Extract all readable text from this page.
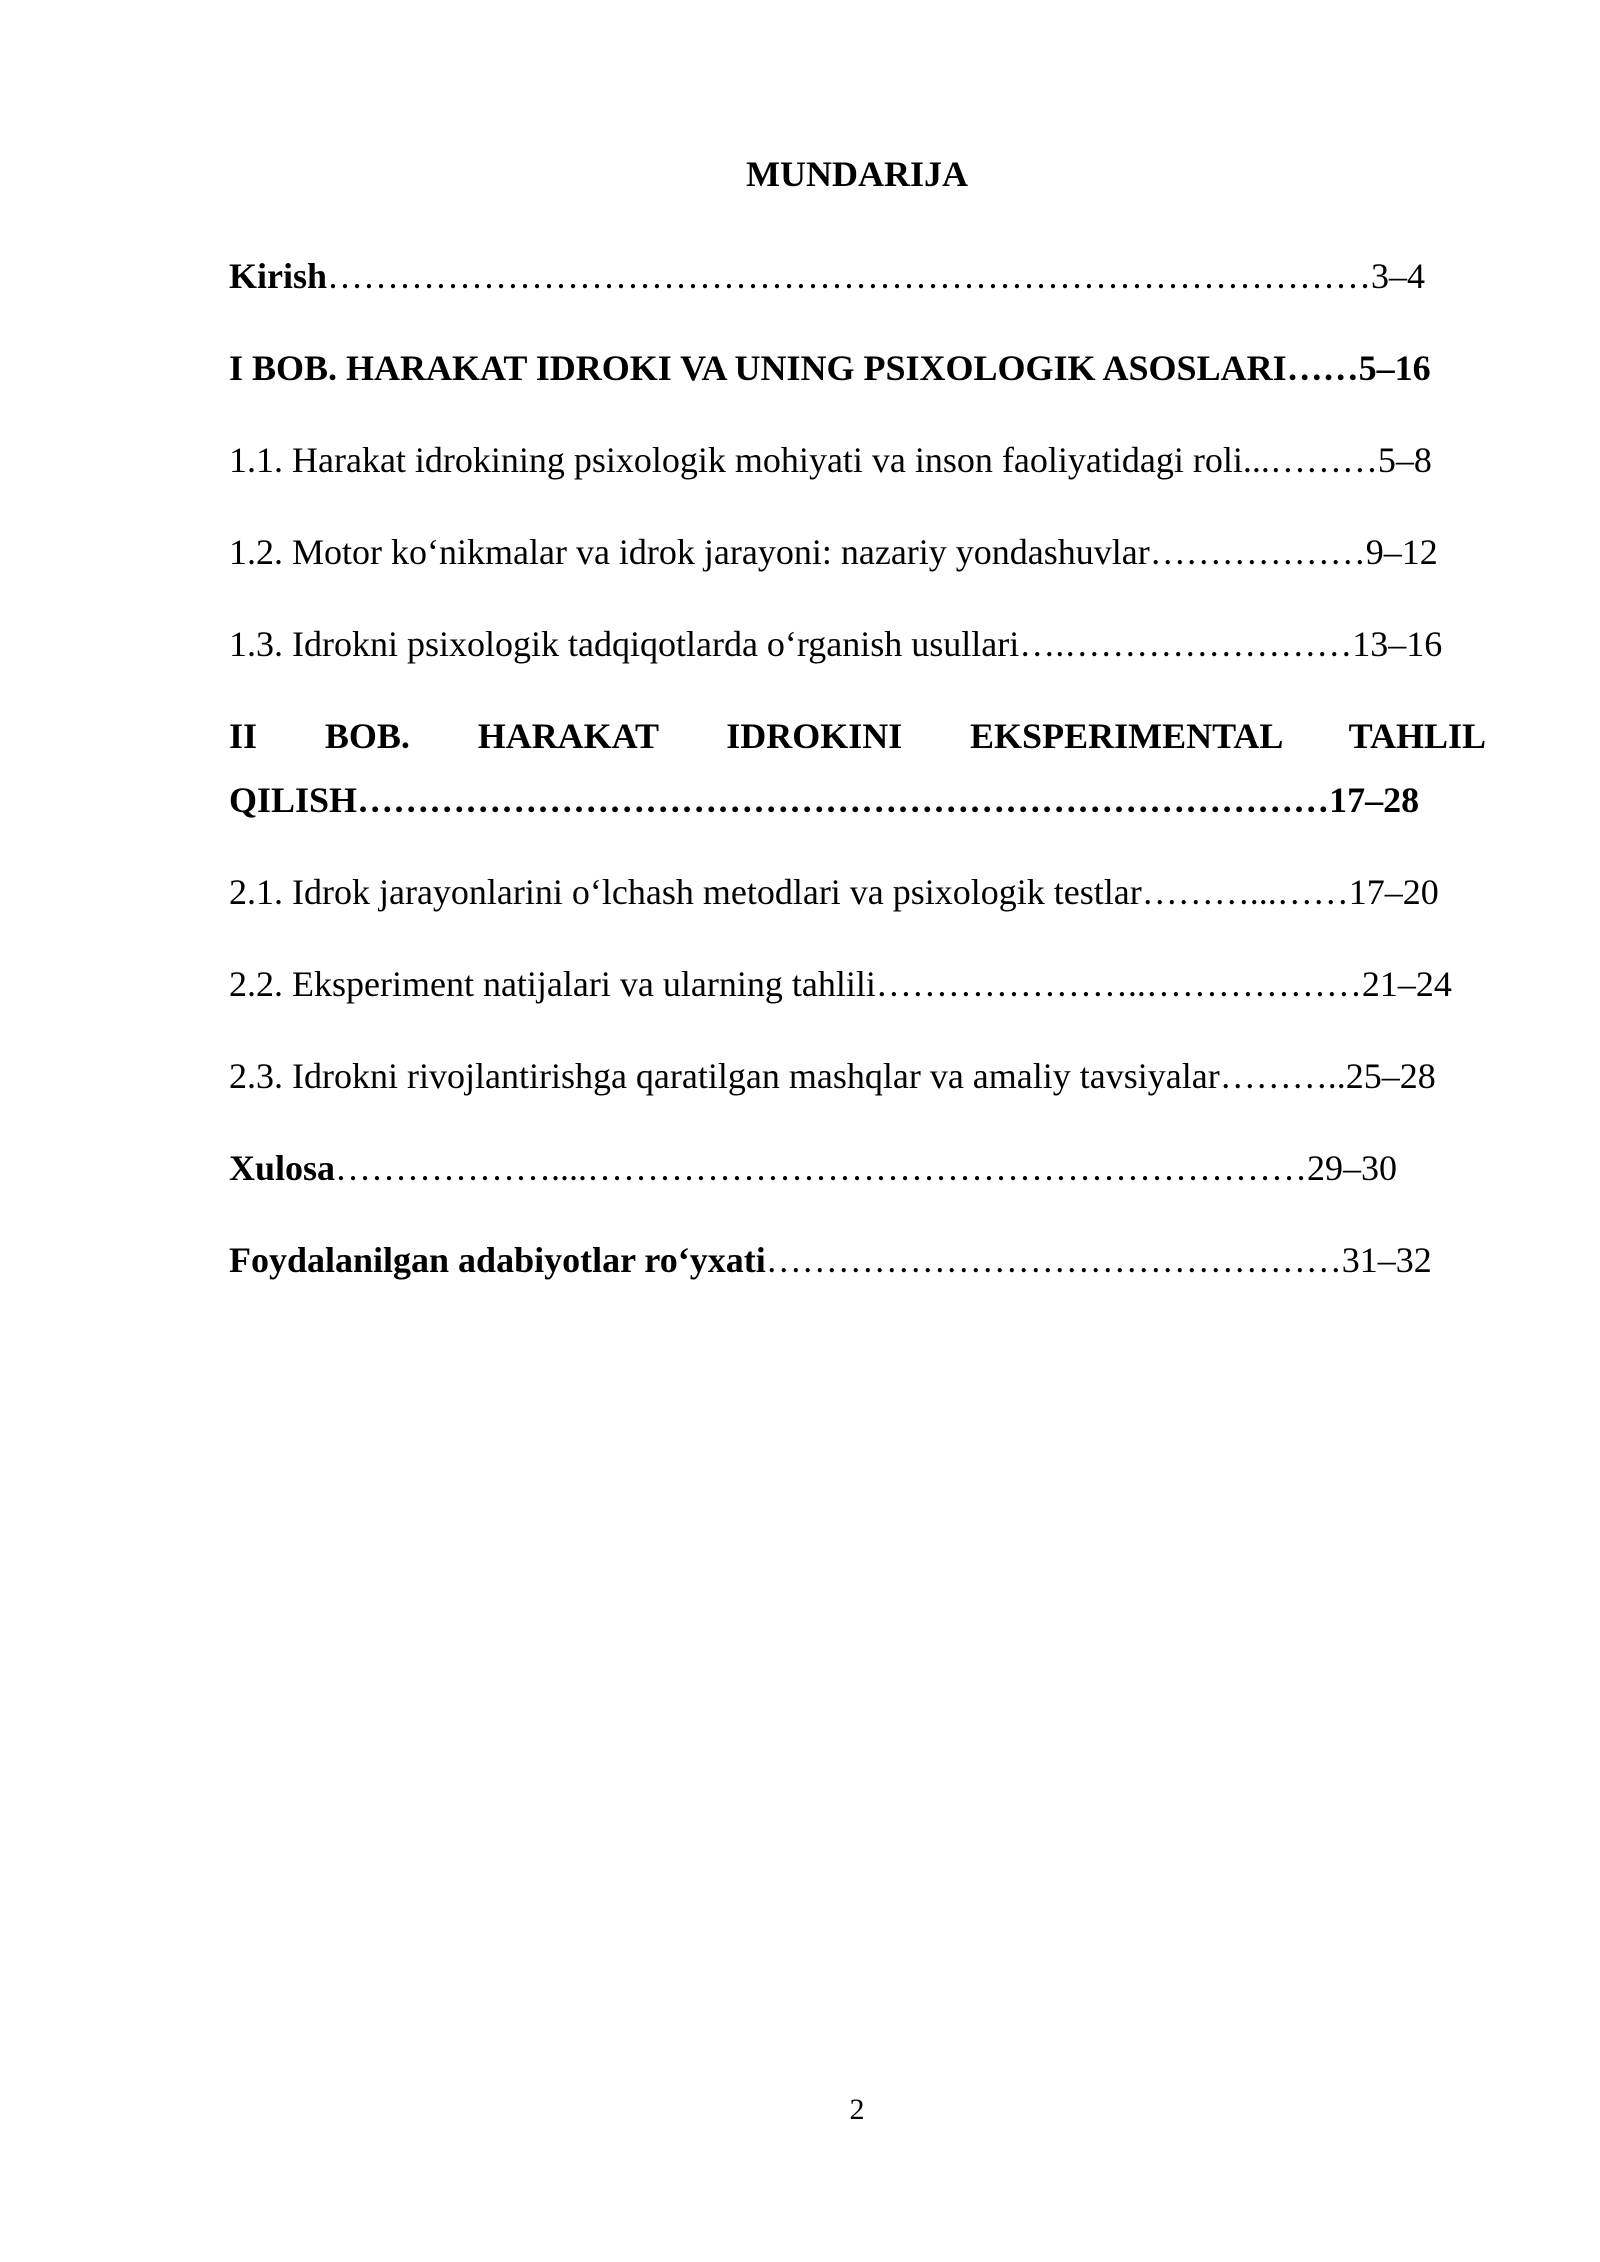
MUNDARIJA

Kirish……………………………………………………………………………3–4

I BOB. HARAKAT IDROKI VA UNING PSIXOLOGIK ASOSLARI……5–16

1.1. Harakat idrokining psixologik mohiyati va inson faoliyatidagi roli...………5–8

1.2. Motor ko‘nikmalar va idrok jarayoni: nazariy yondashuvlar………………9–12

1.3. Idrokni psixologik tadqiqotlarda o‘rganish usullari….……………………13–16

II BOB. HARAKAT IDROKINI EKSPERIMENTAL TAHLIL QILISH………………………………………………………………………17–28

2.1. Idrok jarayonlarini o‘lchash metodlari va psixologik testlar………...……17–20

2.2. Eksperiment natijalari va ularning tahlili…………………..………………21–24

2.3. Idrokni rivojlantirishga qaratilgan mashqlar va amaliy tavsiyalar………..25–28

Xulosa………………....……………………………………………………29–30

Foydalanilgan adabiyotlar ro‘yxati…………………………………………31–32

2
